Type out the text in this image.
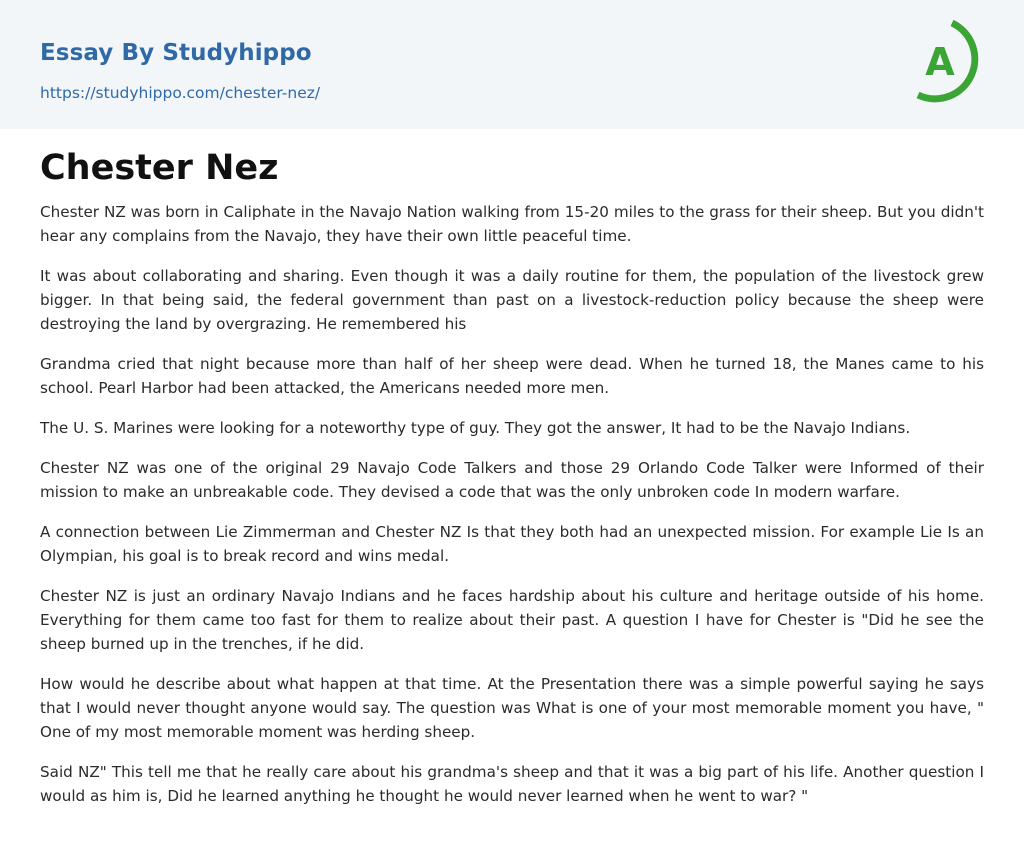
Essay By Studyhippo
https://studyhippo.com/chester-nez/
A
Chester Nez

Chester NZ was born in Caliphate in the Navajo Nation walking from 15-20 miles to the grass for their sheep. But you didn't hear any complains from the Navajo, they have their own little peaceful time.

It was about collaborating and sharing. Even though it was a daily routine for them, the population of the livestock grew bigger. In that being said, the federal government than past on a livestock-reduction policy because the sheep were destroying the land by overgrazing. He remembered his

Grandma cried that night because more than half of her sheep were dead. When he turned 18, the Manes came to his school. Pearl Harbor had been attacked, the Americans needed more men.

The U. S. Marines were looking for a noteworthy type of guy. They got the answer, It had to be the Navajo Indians.

Chester NZ was one of the original 29 Navajo Code Talkers and those 29 Orlando Code Talker were Informed of their mission to make an unbreakable code. They devised a code that was the only unbroken code In modern warfare.

A connection between Lie Zimmerman and Chester NZ Is that they both had an unexpected mission. For example Lie Is an Olympian, his goal is to break record and wins medal.

Chester NZ is just an ordinary Navajo Indians and he faces hardship about his culture and heritage outside of his home. Everything for them came too fast for them to realize about their past. A question I have for Chester is "Did he see the sheep burned up in the trenches, if he did.

How would he describe about what happen at that time. At the Presentation there was a simple powerful saying he says that I would never thought anyone would say. The question was What is one of your most memorable moment you have, " One of my most memorable moment was herding sheep.

Said NZ" This tell me that he really care about his grandma's sheep and that it was a big part of his life. Another question I would as him is, Did he learned anything he thought he would never learned when he went to war? "
